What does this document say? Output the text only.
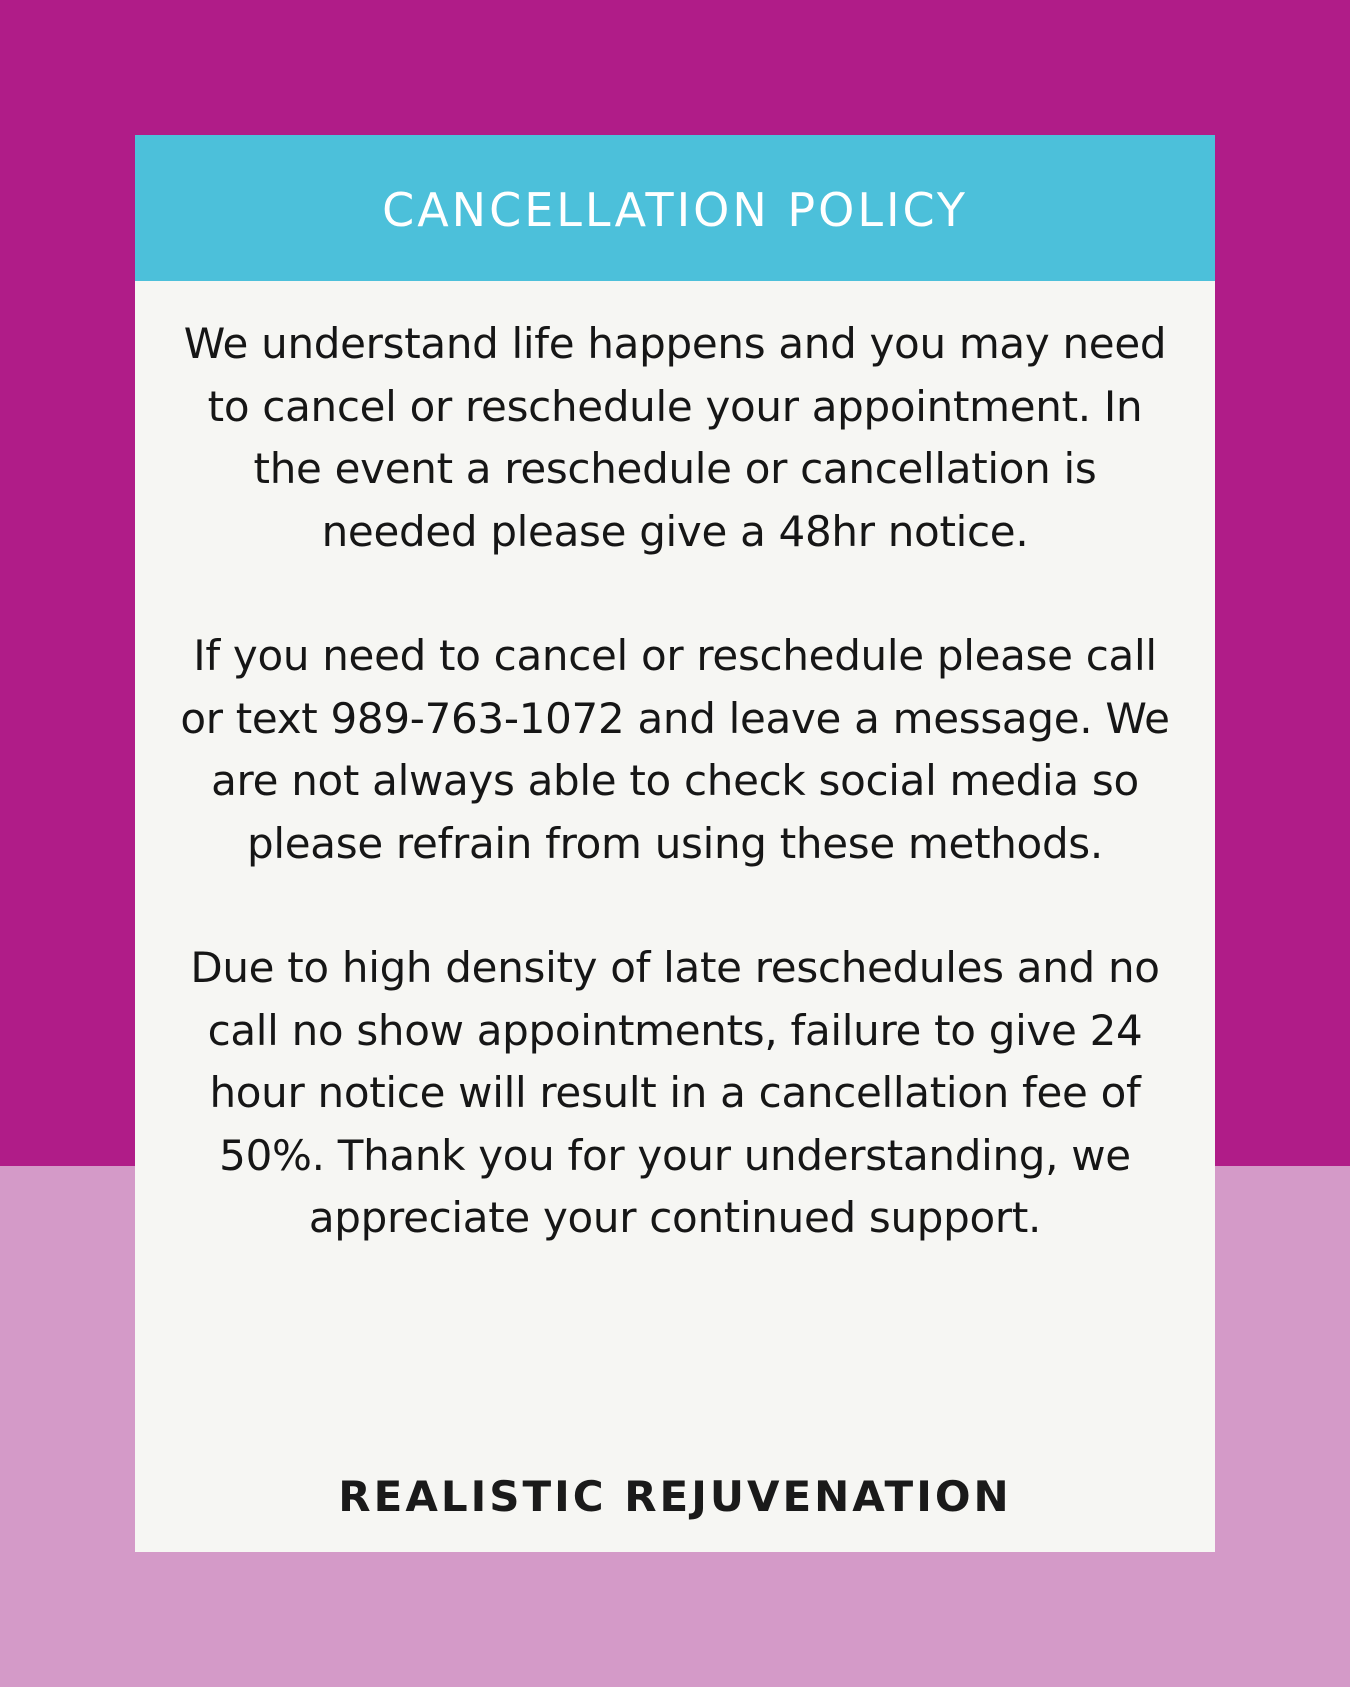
CANCELLATION POLICY

We understand life happens and you may need to cancel or reschedule your appointment. In the event a reschedule or cancellation is needed please give a 48hr notice.

If you need to cancel or reschedule please call or text 989-763-1072 and leave a message. We are not always able to check social media so please refrain from using these methods.

Due to high density of late reschedules and no call no show appointments, failure to give 24 hour notice will result in a cancellation fee of 50%. Thank you for your understanding, we appreciate your continued support.

REALISTIC REJUVENATION
